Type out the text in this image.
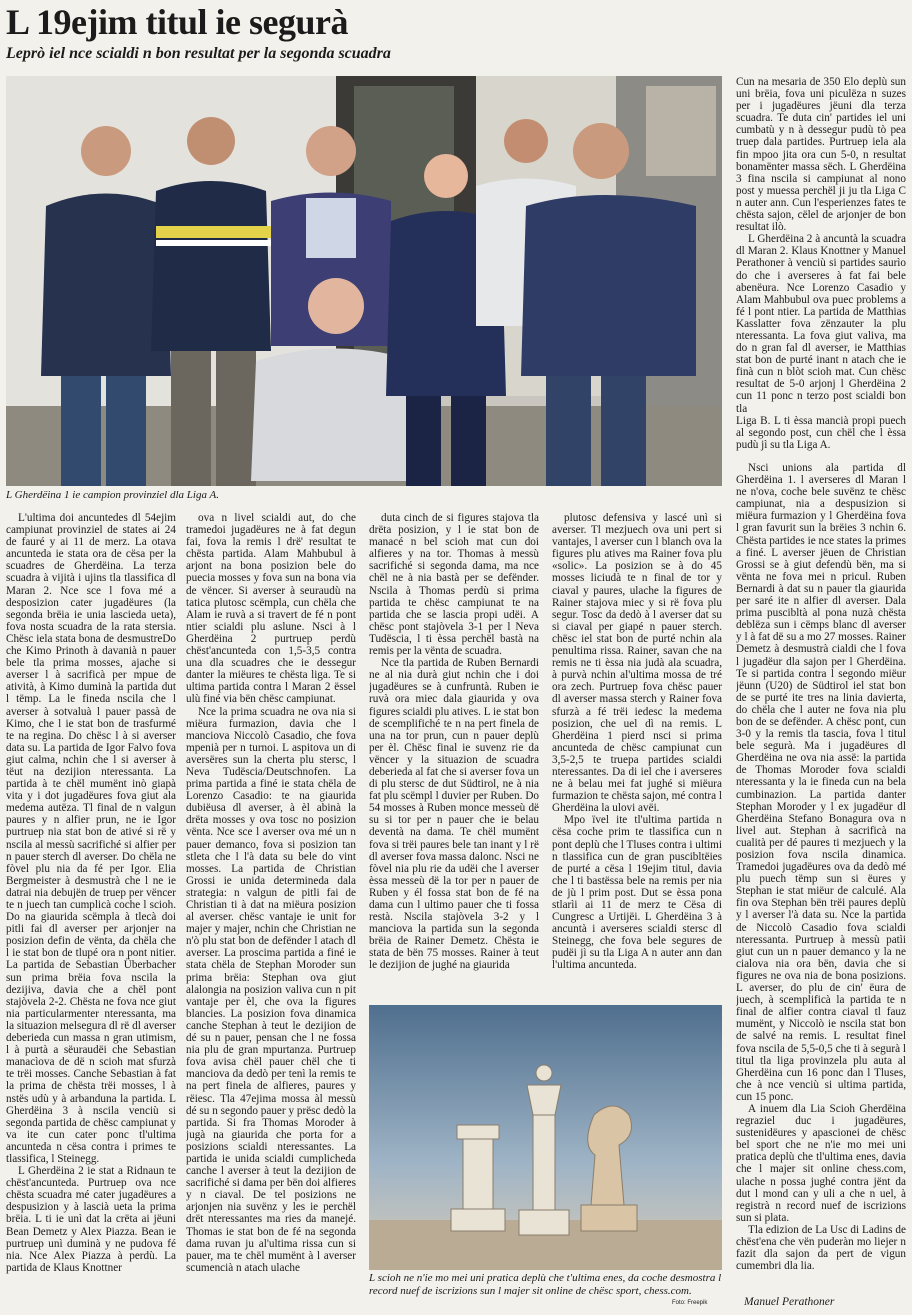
L 19ejim titul ie segurà
Leprò iel nce scialdi n bon resultat per la segonda scuadra
L Gherdëina 1 ie campion provinziel dla Liga A.

L'ultima doi ancuntedes dl 54ejim campiunat provinziel de states ai 24 de fauré y ai 11 de merz. La otava ancunteda ie stata ora de cësa per la scuadres de Gherdëina. La terza scuadra à vijità i ujins tla tlassifica dl Maran 2. Nce sce l fova mé a desposizion cater jugadëures (la segonda brëia ie unia lascieda ueta), fova nosta scuadra de la rata stersia. Chësc iela stata bona de desmustreDo che Kimo Prinoth à davanià n pauer bele tla prima mosses, ajache si averser l à sacrificà per mpue de atività, à Kimo duminà la partida dut l tëmp. La le fineda nscila che l averser à sotvaluà l pauer passà de Kimo, che l ie stat bon de trasfurmé te na regina. Do chësc l à si averser data su. La partida de Igor Falvo fova giut calma, nchin che l si averser à tëut na dezijion nteressanta. La partida à te chël mumënt inò giapà vita y i dot jugadëures fova giut ala medema autëza. Tl final de n valgun paures y n alfier prun, ne ie Igor purtruep nia stat bon de ativé si rë y nscila al messù sacrifiché si alfier per n pauer sterch dl averser. Do chëla ne fòvel plu nia da fé per Igor. Elia Bergmeister à desmustrà che l ne ie datrai nia debujën de truep per vëncer te n juech tan cumplicà coche l scioh. Do na giaurida scëmpla à tlecà doi pitli fai dl averser per arjonjer na posizion defin de vënta, da chëla che l ie stat bon de tlupé ora n pont nitier. La partida de Sebastian Überbacher sun prima brëia fova nscila la dezijiva, davia che a chël pont stajòvela 2-2. Chësta ne fova nce giut nia particularmenter nteressanta, ma la situazion melsegura dl rë dl averser deberieda cun massa n gran utimism, l à purtà a sëuraudëi che Sebastian manacìova de dë n scioh mat sfurzà te trëi mosses. Canche Sebastian à fat la prima de chësta trëi mosses, l à nstës udù y à arbanduna la partida. L Gherdëina 3 à nscila venciù si segonda partida de chësc campiunat y va ite cun cater ponc tl'ultima ancunteda n cësa contra i primes te tlassifica, l Steinegg.

L Gherdëina 2 ie stat a Ridnaun te chëst'ancunteda. Purtruep ova nce chësta scuadra mé cater jugadëures a despusizion y à lascià ueta la prima brëia. L ti ie unì dat la crëta ai jëuni Bean Demetz y Alex Piazza. Bean ie purtruep unì duminà y ne pudova fé nia. Nce Alex Piazza à perdù. La partida de Klaus Knottner

ova n livel scialdi aut, do che tramedoi jugadëures ne à fat degun fai, fova la remis l drë' resultat te chësta partida. Alam Mahbubul à arjont na bona posizion bele do puecia mosses y fova sun na bona via de vëncer. Si averser à seuraudù na tatica plutosc scëmpla, cun chëla che Alam ie ruvà a si travert de fé n pont ntier scialdi plu aslune. Nsci à l Gherdëina 2 purtruep perdù chëst'ancunteda con 1,5-3,5 contra una dla scuadres che ie dessegur danter la miëures te chësta liga. Te si ultima partida contra l Maran 2 ëssel ulù finé via bën chësc campiunat.

Nce la prima scuadra ne ova nia si miëura furmazion, davia che l manciova Niccolò Casadio, che fova mpenià per n turnoi. L aspitova un di aversëres sun la cherta plu stersc, l Neva Tudëscia/Deutschnofen. La prima partida a finé ie stata chëla de Lorenzo Casadio: te na giaurida dubiëusa dl averser, à èl abinà la drëta mosses y ova tosc no posizion vënta. Nce sce l averser ova mé un n pauer demanco, fova si posizion tan stleta che l l'à data su bele do vint mosses. La partida de Christian Grossi ie unida determineda dala strategia: n valgun de pitli fai de Christian ti à dat na miëura posizion al averser. chësc vantaje ie unit for majer y majer, nchin che Christian ne n'ò plu stat bon de defënder l atach dl averser. La proscima partida a finé ie stata chëla de Stephan Moroder sun prima brëia: Stephan ova giut alalongia na posizion valiva cun n pit vantaje per èl, che ova la figures blancies. La posizion fova dinamica canche Stephan à teut le dezijion de dé su n pauer, pensan che l ne fossa nia plu de gran mpurtanza. Purtruep fova avisa chël pauer chël che ti manciova da dedò per tenì la remis te na pert finela de alfieres, paures y rëiesc. Tla 47ejima mossa àl messù dé su n segondo pauer y prësc dedò la partida. Si fra Thomas Moroder à jugà na giaurida che porta for a posizions scialdi nteressantes. La partida ie unida scialdi cumplicheda canche l averser à teut la dezijion de sacrifiché si dama per bën doi alfieres y n ciaval. De tel posizions ne arjonjen nia suvënz y les ie perchël drët nteressantes ma ries da manejé. Thomas ie stat bon de fé na segonda dama ruvan ju al'ultima rissa cun si pauer, ma te chël mumënt à l averser scumencià n atach ulache

duta cinch de si figures stajova tla drëta posizion, y l ie stat bon de manacé n bel scioh mat cun doi alfieres y na tor. Thomas à messù sacrifiché si segonda dama, ma nce chël ne à nia bastà per se defënder. Nscila à Thomas perdù si prima partida te chësc campiunat te na partida che se lascia propi udëi. A chësc pont stajòvela 3-1 per l Neva Tudëscia, l ti èssa perchël bastà na remis per la vënta de scuadra.

Nce tla partida de Ruben Bernardi ne al nia durà giut nchin che i doi jugadëures se à cunfruntà. Ruben ie ruvà ora miec dala giaurida y ova figures scialdi plu atives. L ie stat bon de scemplifiché te n na pert finela de una na tor prun, cun n pauer deplù per èl. Chësc final ie suvenz rie da vëncer y la situazion de scuadra deberieda al fat che si averser fova un di plu stersc de dut Südtirol, ne à nia fat plu scëmpl l duvier per Ruben. Do 54 mosses à Ruben monce messeù dë su si tor per n pauer che ie belau deventà na dama. Te chël mumënt fova si trëi paures bele tan inant y l rë dl averser fova massa dalonc. Nsci ne fòvel nia plu rie da udëi che l averser èssa messeù dë la tor per n pauer de Ruben y él fossa stat bon de fé na dama cun l ultimo pauer che ti fossa restà. Nscila stajòvela 3-2 y l manciova la partida sun la segonda brëia de Rainer Demetz. Chësta ie stata de bën 75 mosses. Rainer à teut le dezijion de jughé na giaurida

plutosc defensiva y lascé unì si averser. Tl mezjuech ova uni pert si vantajes, l averser cun l blanch ova la figures plu atives ma Rainer fova plu «solic». La posizion se à do 45 mosses liciudà te n final de tor y ciaval y paures, ulache la figures de Rainer stajova miec y si rë fova plu segur. Tosc da dedò à l averser dat su si ciaval per giapé n pauer sterch. chësc iel stat bon de purté nchin ala penultima rissa. Rainer, savan che na remis ne ti èssa nia judà ala scuadra, à purvà nchin al'ultima mossa de tré ora zech. Purtruep fova chësc pauer dl averser massa sterch y Rainer fova sfurzà a fé trëi iedesc la medema posizion, che uel dì na remis. L Gherdëina 1 pierd nsci si prima ancunteda de chësc campiunat cun 3,5-2,5 te truepa partides scialdi nteressantes. Da di iel che i averseres ne à belau mei fat jughé si miëura furmazion te chësta sajon, mé contra l Gherdëina la ulovi avëi.

Mpo ïvel ite tl'ultima partida n cësa coche prim te tlassifica cun n pont deplù che l Tluses contra i ultimi n tlassifica cun de gran puscibltëies de purté a cësa l 19ejim titul, davia che l ti bastëssa bele na remis per nia de jù l prim post. Dut se èssa pona stlarìi ai 11 de merz te Cësa di Cungresc a Urtijëi. L Gherdëina 3 à ancuntà i averseres scialdi stersc dl Steinegg, che fova bele segures de pudëi jì su tla Liga A n auter ann dan l'ultima ancunteda.

L scioh ne n'ie mo mei uni pratica deplù che t'ultima enes, da coche desmostra l record nuef de iscrizions sun l majer sit online de chësc sport, chess.com.
Foto: Freepik

Cun na mesaria de 350 Elo deplù sun uni brëia, fova uni piculëza n suzes per i jugadëures jëuni dla terza scuadra. Te duta cin' partides iel uni cumbatù y n à dessegur pudù tò pea truep dala partides. Purtruep iela ala fin mpoo jita ora cun 5-0, n resultat bonamënter massa sëch. L Gherdëina 3 fina nscila si campiunat al nono post y muessa perchël ji ju tla Liga C n auter ann. Cun l'esperienzes fates te chësta sajon, cëlel de arjonjer de bon resultat ilò.

L Gherdëina 2 à ancuntà la scuadra dl Maran 2. Klaus Knottner y Manuel Perathoner à venciù si partides saurìo do che i averseres à fat fai bele abenëura. Nce Lorenzo Casadio y Alam Mahbubul ova puec problems a fé l pont ntier. La partida de Matthias Kasslatter fova zënzauter la plu nteressanta. La fova giut valiva, ma do n gran fal dl averser, ie Matthias stat bon de purté inant n atach che ie finà cun n blòt scioh mat. Cun chësc resultat de 5-0 arjonj l Gherdëina 2 cun 11 ponc n terzo post scialdi bon tla

Liga B. L ti èssa mancià propi puech al segondo post, cun chël che l èssa pudù jì su tla Liga A.

Nsci unions ala partida dl Gherdëina 1. l averseres dl Maran l ne n'ova, coche bele suvënz te chësc campiunat, nia a despusizion si miëura furmazion y l Gherdëina fova l gran favurit sun la brëies 3 nchin 6. Chësta partides ie nce states la primes a finé. L averser jëuen de Christian Grossi se à giut defendù bën, ma si vënta ne fova mei n pricul. Ruben Bernardi à dat su n pauer tla giaurida per saré ite n alfier dl averser. Dala prima puscibltà al pona nuzà chësta deblëza sun i cëmps blanc dl averser y l à fat dë su a mo 27 mosses. Rainer Demetz à desmustrà cialdi che l fova l jugadëur dla sajon per l Gherdëina. Te si partida contra l segondo miëur jëunn (U20) de Südtirol iel stat bon de se purté ite tres na linia davierta, do chëla che l auter ne fova nia plu bon de se defënder. A chësc pont, cun 3-0 y la remis tla tascia, fova l titul bele segurà. Ma i jugadëures dl Gherdëina ne ova nia assë: la partida de Thomas Moroder fova scialdi nteressanta y la ie fineda cun na bela cumbinazion. La partida danter Stephan Moroder y l ex jugadëur dl Gherdëina Stefano Bonagura ova n livel aut. Stephan à sacrificà na cualità per dé paures ti mezjuech y la posizion fova nscila dinamica. Tramedoi jugadëures ova da dedò mé plu puech tëmp sun si ëures y Stephan ie stat miëur de calculé. Ala fin ova Stephan bën trëi paures deplù y l averser l'à data su. Nce la partida de Niccolò Casadio fova scialdi nteressanta. Purtruep à messù patìi giut cun un n pauer demanco y la ne cialova nia ora bën, davia che si figures ne ova nia de bona posizions. L averser, do plu de cin' ëura de juech, à scemplificà la partida te n final de alfier contra ciaval tl fauz mumënt, y Niccolò ie nscila stat bon de salvé na remis. L resultat finel fova nscila de 5,5-0,5 che ti à segurà l titul tla liga provinzela plu auta al Gherdëina cun 16 ponc dan l Tluses, che à nce venciù si ultima partida, cun 15 ponc.

A inuem dla Lia Scioh Gherdëina regraziel duc i jugadëures, sustenidëures y apascionei de chësc bel sport che ne n'ie mo mei uni pratica deplù che tl'ultima enes, davia che l majer sit online chess.com, ulache n possa jughé contra jënt da dut l mond can y uli a che n uel, à registrà n record nuef de iscrizions sun si plata.

Tla edizion de La Usc di Ladins de chëst'ena che vën puderàn mo liejer n fazit dla sajon da pert de vigun cumembri dla lia.

Manuel Perathoner
